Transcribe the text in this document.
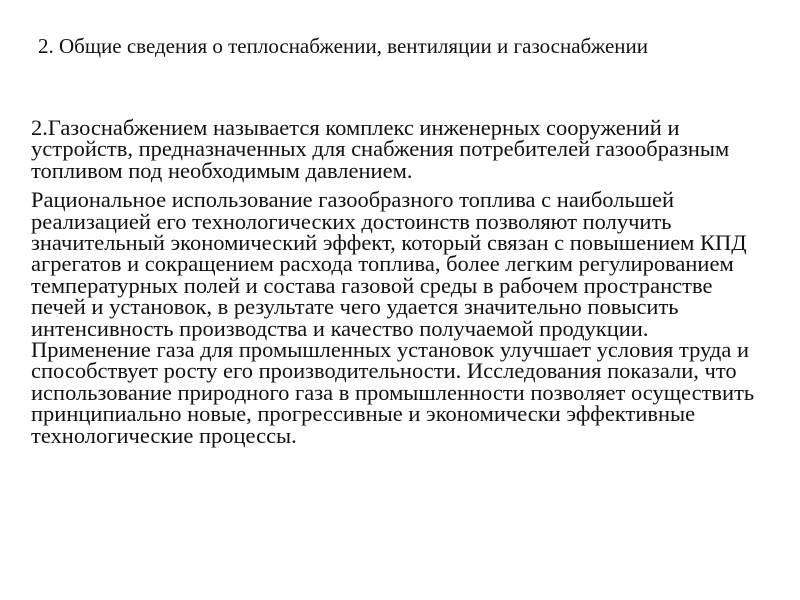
2. Общие сведения о теплоснабжении, вентиляции и газоснабжении

2.Газоснабжением называется комплекс инженерных сооружений и устройств, предназначенных для снабжения потребителей газообразным топливом под необходимым давлением.

Рациональное использование газообразного топлива с наибольшей реализацией его технологических достоинств позволяют получить значительный экономический эффект, который связан с повышением КПД агрегатов и сокращением расхода топлива, более легким регулированием температурных полей и состава газовой среды в рабочем пространстве печей и установок, в результате чего удается значительно повысить интенсивность производства и качество получаемой продукции. Применение газа для промышленных установок улучшает условия труда и способствует росту его производительности. Исследования показали, что использование природного газа в промышленности позволяет осуществить принципиально новые, прогрессивные и экономически эффективные технологические процессы.
